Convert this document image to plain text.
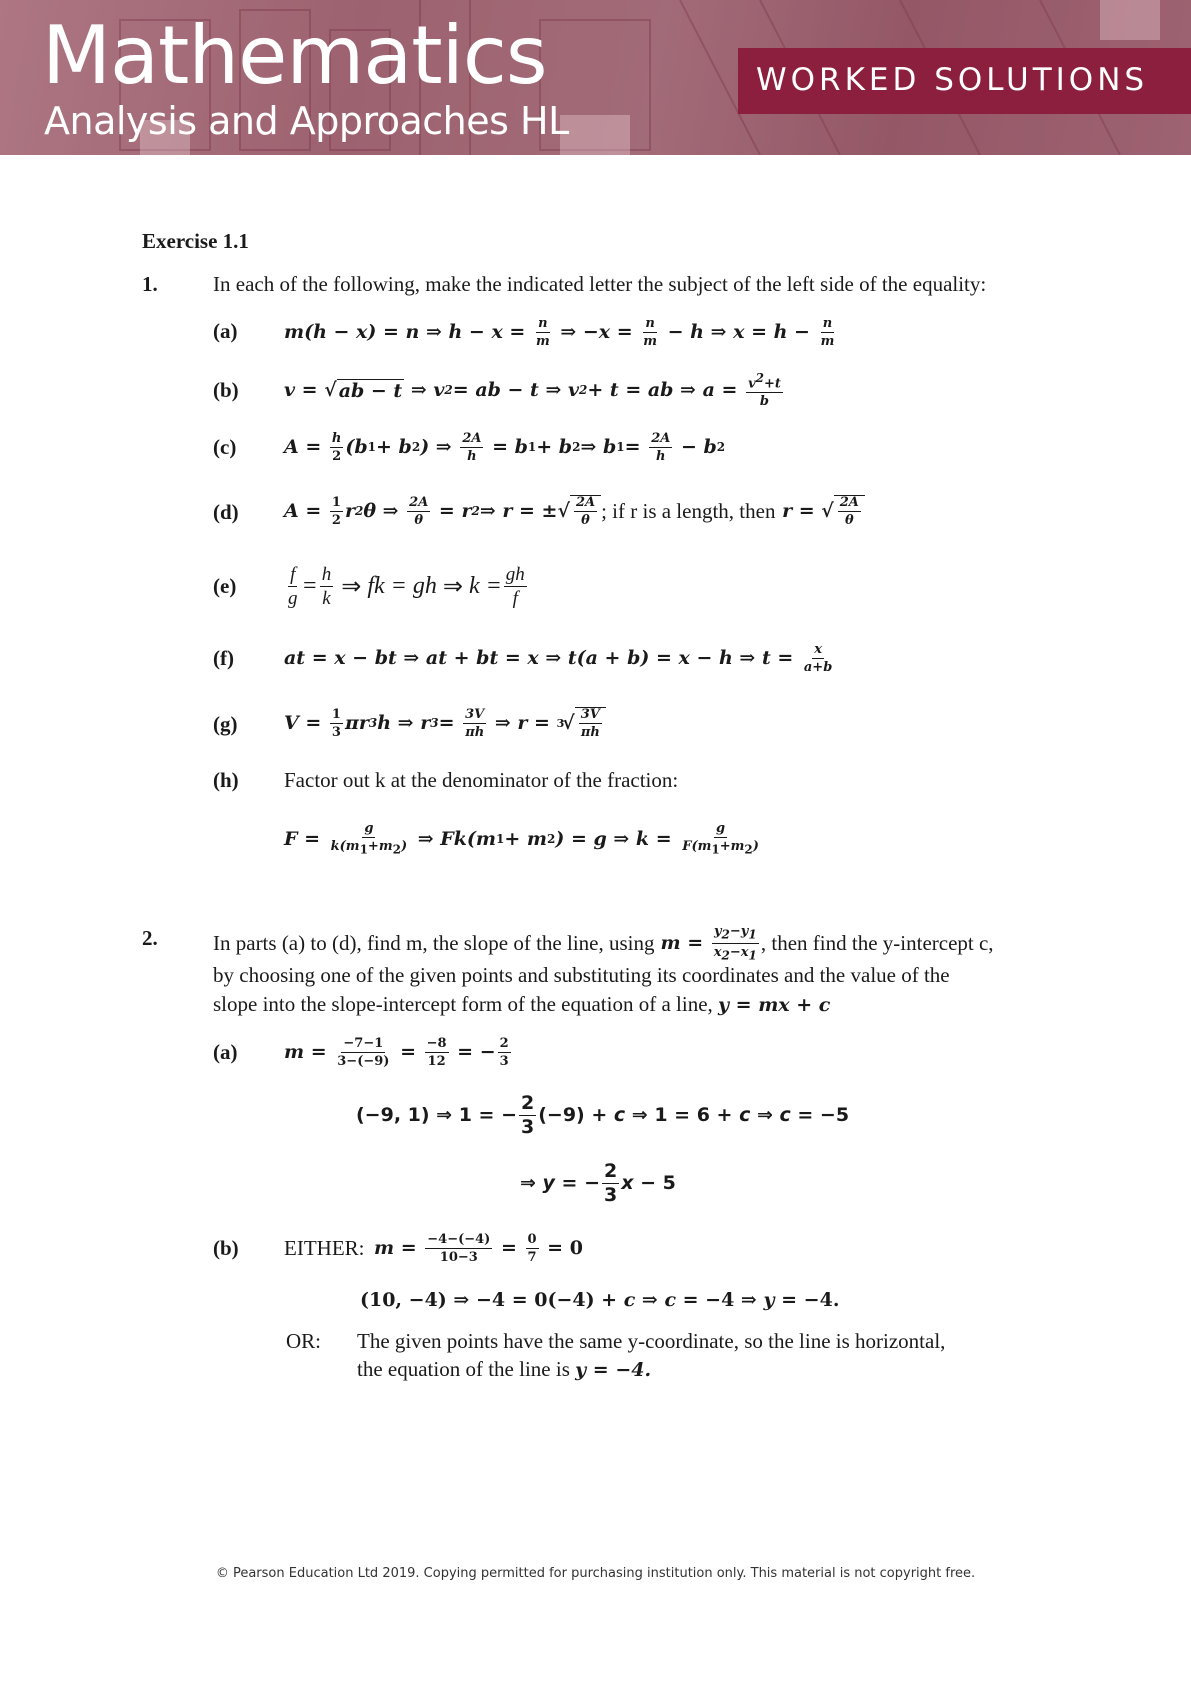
Mathematics
Analysis and Approaches HL
WORKED SOLUTIONS
Exercise 1.1
1.	In each of the following, make the indicated letter the subject of the left side of the equality:
(a) m(h − x) = n ⇒ $h - x = \frac{n}{m}$ ⇒ $-x = \frac{n}{m} - h$ ⇒ $x = h - \frac{n}{m}$
(b) v = √ ab − t ⇒ v 2 = ab − t ⇒ v 2 + t = ab ⇒ $a = \frac{v^2+t}{b}$
(c)	$A = \frac{h}{2} (b$ 1 + b 2 ) ⇒ $\frac{2A}{h} = b$ 1 + b 2 ⇒ b $1 = \frac{2A}{h} - b$ 2
(d) $A = \frac{1}{2}$ r 2 θ ⇒ $\frac{2A}{\theta} = r$ 2 ⇒ r = ±√ $\frac{2A}{\theta}$ ; if r is a length, then r = √ $\frac{2A}{\theta}$
(e)	$\frac{f}{g} = \frac{h}{k}$
⇒ fk = gh ⇒ $k = \frac{gh}{f}$
(f)	at = x − bt ⇒ at + bt = x ⇒ t(a + b) = x − h ⇒ $t = \frac{x}{a+b}$
(g) $V = \frac{1}{3}$ πr 3 h ⇒ r $3 = \frac{3V}{\pi h}$ ⇒ r = 3
√ $\frac{3V}{\pi h}$
(h) Factor out k at the denominator of the fraction:
$F = \frac{g}{k(m_1+m_2)}$ ⇒ Fk(m 1 + m 2 ) = g ⇒ $k = \frac{g}{F(m_1+m_2)}$
2.	In parts (a) to (d), find m, the slope of the line, using $m = \frac{y_2-y_1}{x_2-x_1}$ , then find the y-intercept c,
by choosing one of the given points and substituting its coordinates and the value of the
slope into the slope-intercept form of the equation of a line, y = mx + c
(a) $m = \frac{-7-1}{3-(-9)} = \frac{-8}{12}$ = − $\frac{2}{3}$
(−9, 1) ⇒ 1 = − $\frac{2}{3} (-9) + c$ ⇒ 1 = 6 + c ⇒ c = −5
⇒ y = − $\frac{2}{3}$ x − 5
(b) EITHER: $m = \frac{-4-(-4)}{10-3} = \frac{0}{7}$
= 0
(10, −4) ⇒ −4 = 0(−4) + c ⇒ c = −4 ⇒ y = −4.
OR: The given points have the same y-coordinate, so the line is horizontal,
the equation of the line is y = −4.
© Pearson Education Ltd 2019. Copying permitted for purchasing institution only. This material is not copyright free.
